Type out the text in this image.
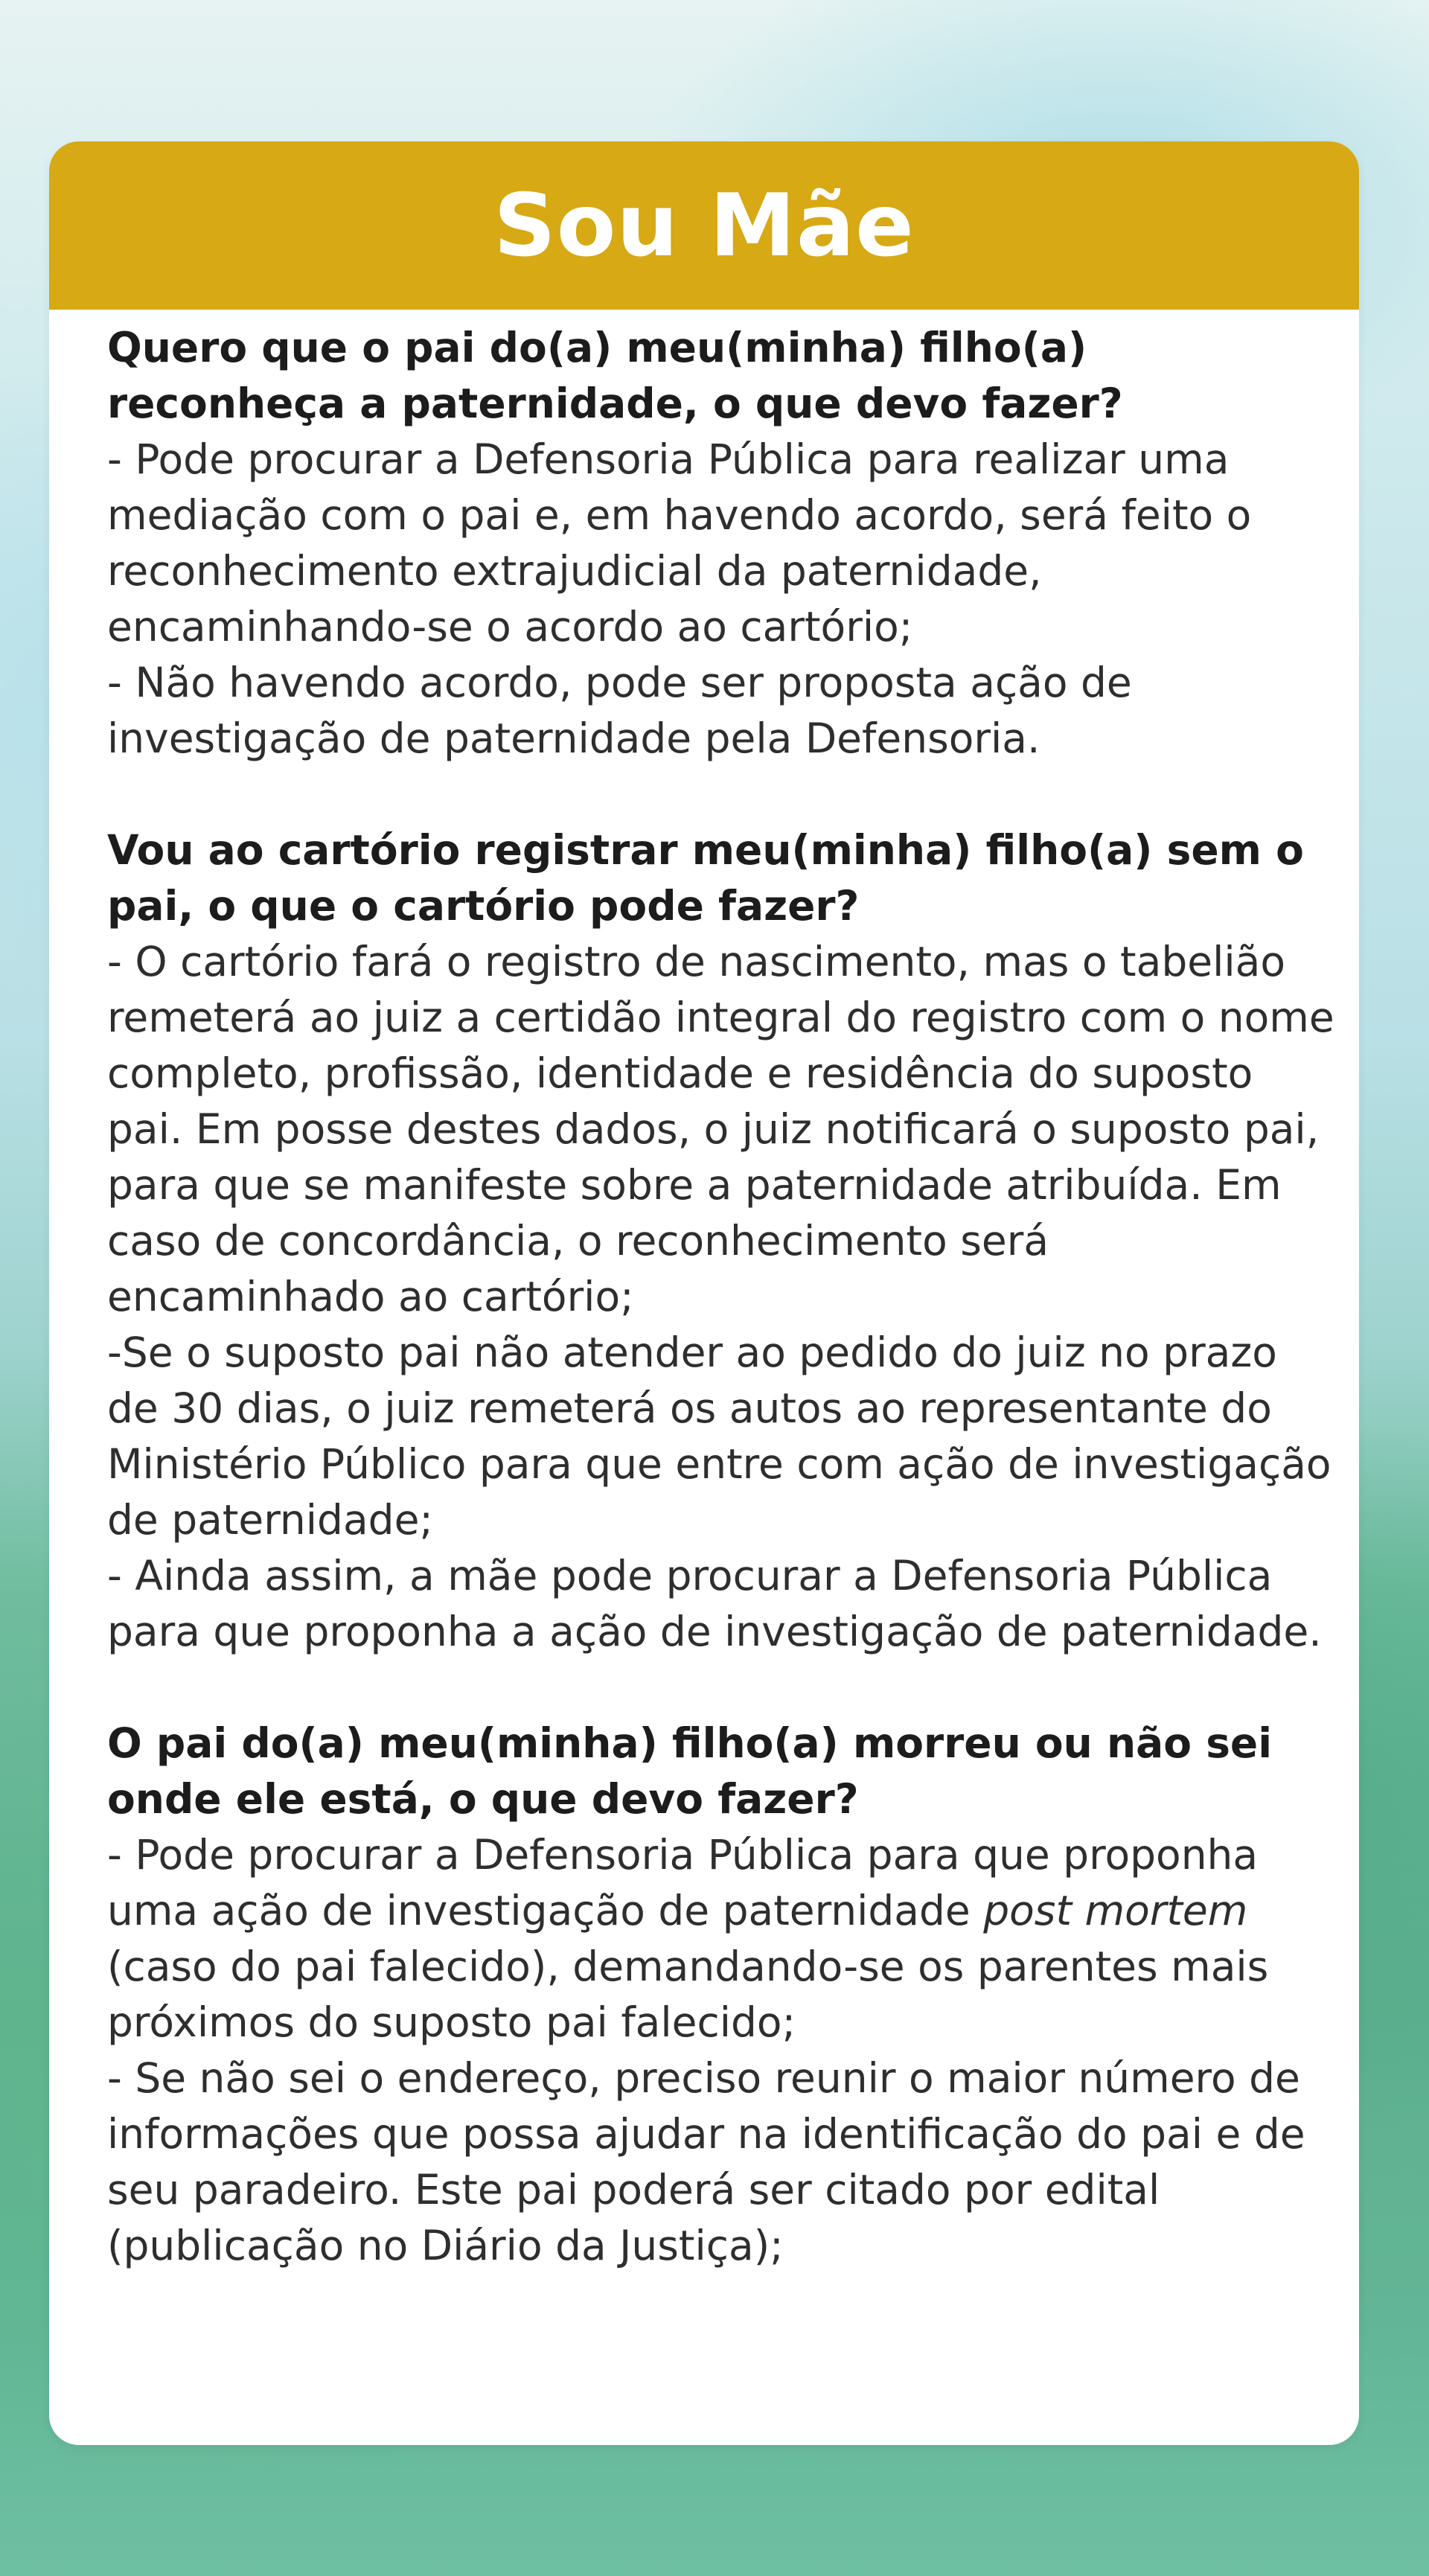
Sou Mãe

Quero que o pai do(a) meu(minha) filho(a) reconheça a paternidade, o que devo fazer?

- Pode procurar a Defensoria Pública para realizar uma mediação com o pai e, em havendo acordo, será feito o reconhecimento extrajudicial da paternidade, encaminhando-se o acordo ao cartório;

- Não havendo acordo, pode ser proposta ação de investigação de paternidade pela Defensoria.

Vou ao cartório registrar meu(minha) filho(a) sem o pai, o que o cartório pode fazer?

- O cartório fará o registro de nascimento, mas o tabelião remeterá ao juiz a certidão integral do registro com o nome completo, profissão, identidade e residência do suposto pai. Em posse destes dados, o juiz notificará o suposto pai, para que se manifeste sobre a paternidade atribuída. Em caso de concordância, o reconhecimento será encaminhado ao cartório;

-Se o suposto pai não atender ao pedido do juiz no prazo de 30 dias, o juiz remeterá os autos ao representante do Ministério Público para que entre com ação de investigação de paternidade;

- Ainda assim, a mãe pode procurar a Defensoria Pública para que proponha a ação de investigação de paternidade.

O pai do(a) meu(minha) filho(a) morreu ou não sei onde ele está, o que devo fazer?

- Pode procurar a Defensoria Pública para que proponha uma ação de investigação de paternidade post mortem (caso do pai falecido), demandando-se os parentes mais próximos do suposto pai falecido;

- Se não sei o endereço, preciso reunir o maior número de informações que possa ajudar na identificação do pai e de seu paradeiro. Este pai poderá ser citado por edital (publicação no Diário da Justiça);
